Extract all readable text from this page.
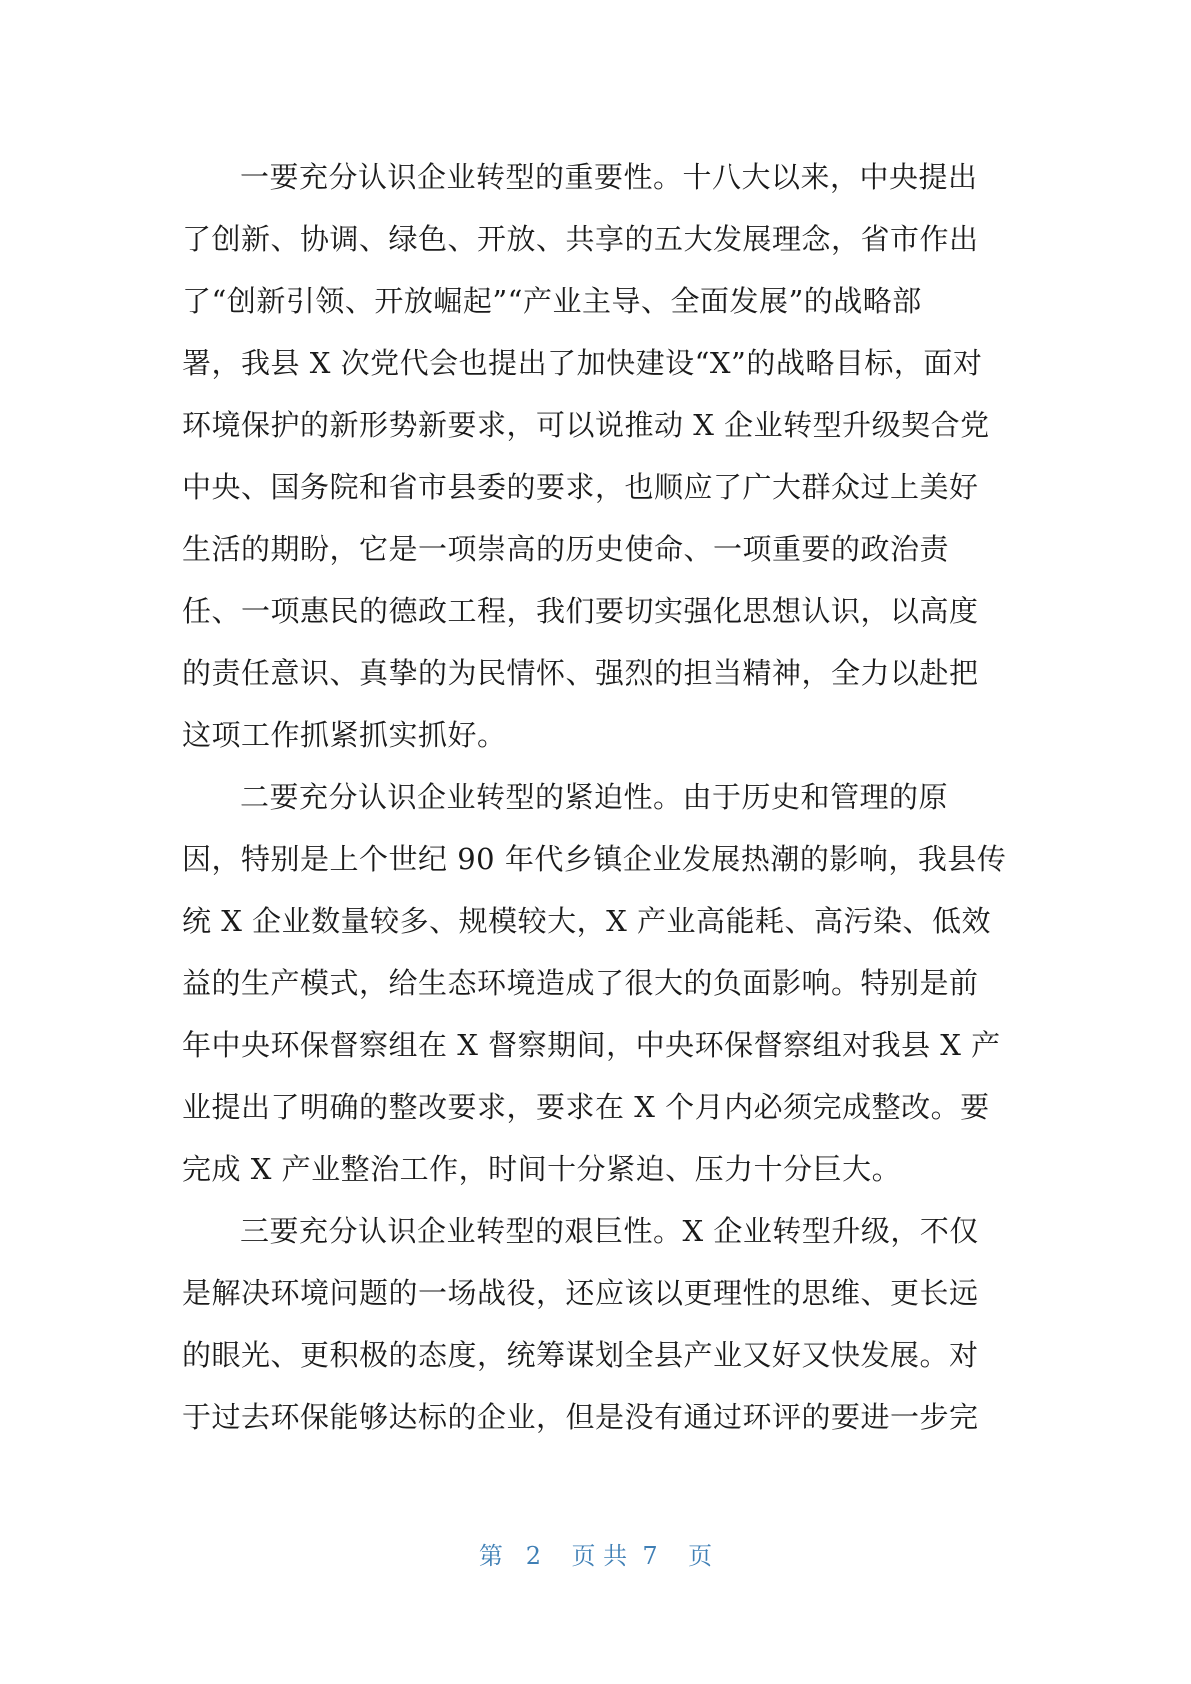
一要充分认识企业转型的重要性。十八大以来，中央提出
了创新、协调、绿色、开放、共享的五大发展理念，省市作出
了“创新引领、开放崛起”“产业主导、全面发展”的战略部
署，我县 X 次党代会也提出了加快建设“X”的战略目标，面对
环境保护的新形势新要求，可以说推动 X 企业转型升级契合党
中央、国务院和省市县委的要求，也顺应了广大群众过上美好
生活的期盼，它是一项崇高的历史使命、一项重要的政治责
任、一项惠民的德政工程，我们要切实强化思想认识，以高度
的责任意识、真挚的为民情怀、强烈的担当精神，全力以赴把
这项工作抓紧抓实抓好。
二要充分认识企业转型的紧迫性。由于历史和管理的原
因，特别是上个世纪 90 年代乡镇企业发展热潮的影响，我县传
统 X 企业数量较多、规模较大，X 产业高能耗、高污染、低效
益的生产模式，给生态环境造成了很大的负面影响。特别是前
年中央环保督察组在 X 督察期间，中央环保督察组对我县 X 产
业提出了明确的整改要求，要求在 X 个月内必须完成整改。要
完成 X 产业整治工作，时间十分紧迫、压力十分巨大。
三要充分认识企业转型的艰巨性。X 企业转型升级，不仅
是解决环境问题的一场战役，还应该以更理性的思维、更长远
的眼光、更积极的态度，统筹谋划全县产业又好又快发展。对
于过去环保能够达标的企业，但是没有通过环评的要进一步完
第   2    页 共  7    页
